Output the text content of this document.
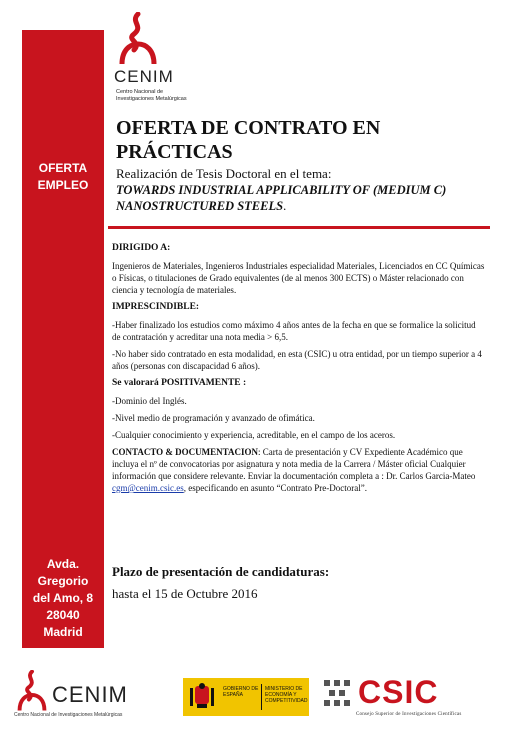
OFERTA
EMPLEO
Avda.
Gregorio
del Amo, 8
28040
Madrid
CENIM
Centro Nacional de Investigaciones Metalúrgicas
OFERTA DE CONTRATO EN
PRÁCTICAS
Realización de Tesis Doctoral en el tema:
TOWARDS INDUSTRIAL APPLICABILITY OF (MEDIUM C) NANOSTRUCTURED STEELS.

DIRIGIDO A:

Ingenieros de Materiales, Ingenieros Industriales especialidad Materiales, Licenciados en CC Químicas o Físicas, o titulaciones de Grado equivalentes (de al menos 300 ECTS) o Máster relacionado con ciencia y tecnología de materiales.

IMPRESCINDIBLE:

-Haber finalizado los estudios como máximo 4 años antes de la fecha en que se formalice la solicitud de contratación y acreditar una nota media > 6,5.

-No haber sido contratado en esta modalidad, en esta (CSIC) u otra entidad, por un tiempo superior a 4 años (personas con discapacidad 6 años).

Se valorará POSITIVAMENTE :

-Dominio del Inglés.

-Nivel medio de programación y avanzado de ofimática.

-Cualquier conocimiento y experiencia, acreditable, en el campo de los aceros.

CONTACTO & DOCUMENTACION: Carta de presentación y CV Expediente Académico que incluya el nº de convocatorias por asignatura y nota media de la Carrera / Máster oficial Cualquier información que considere relevante. Enviar la documentación completa a : Dr. Carlos Garcia-Mateo cgm@cenim.csic.es, especificando en asunto “Contrato Pre-Doctoral”.

Plazo de presentación de candidaturas:
hasta el 15 de Octubre 2016
CENIM
Centro Nacional de Investigaciones Metalúrgicas
GOBIERNO DE ESPAÑA
MINISTERIO DE ECONOMÍA Y COMPETITIVIDAD CSIC
Consejo Superior de Investigaciones Científicas
